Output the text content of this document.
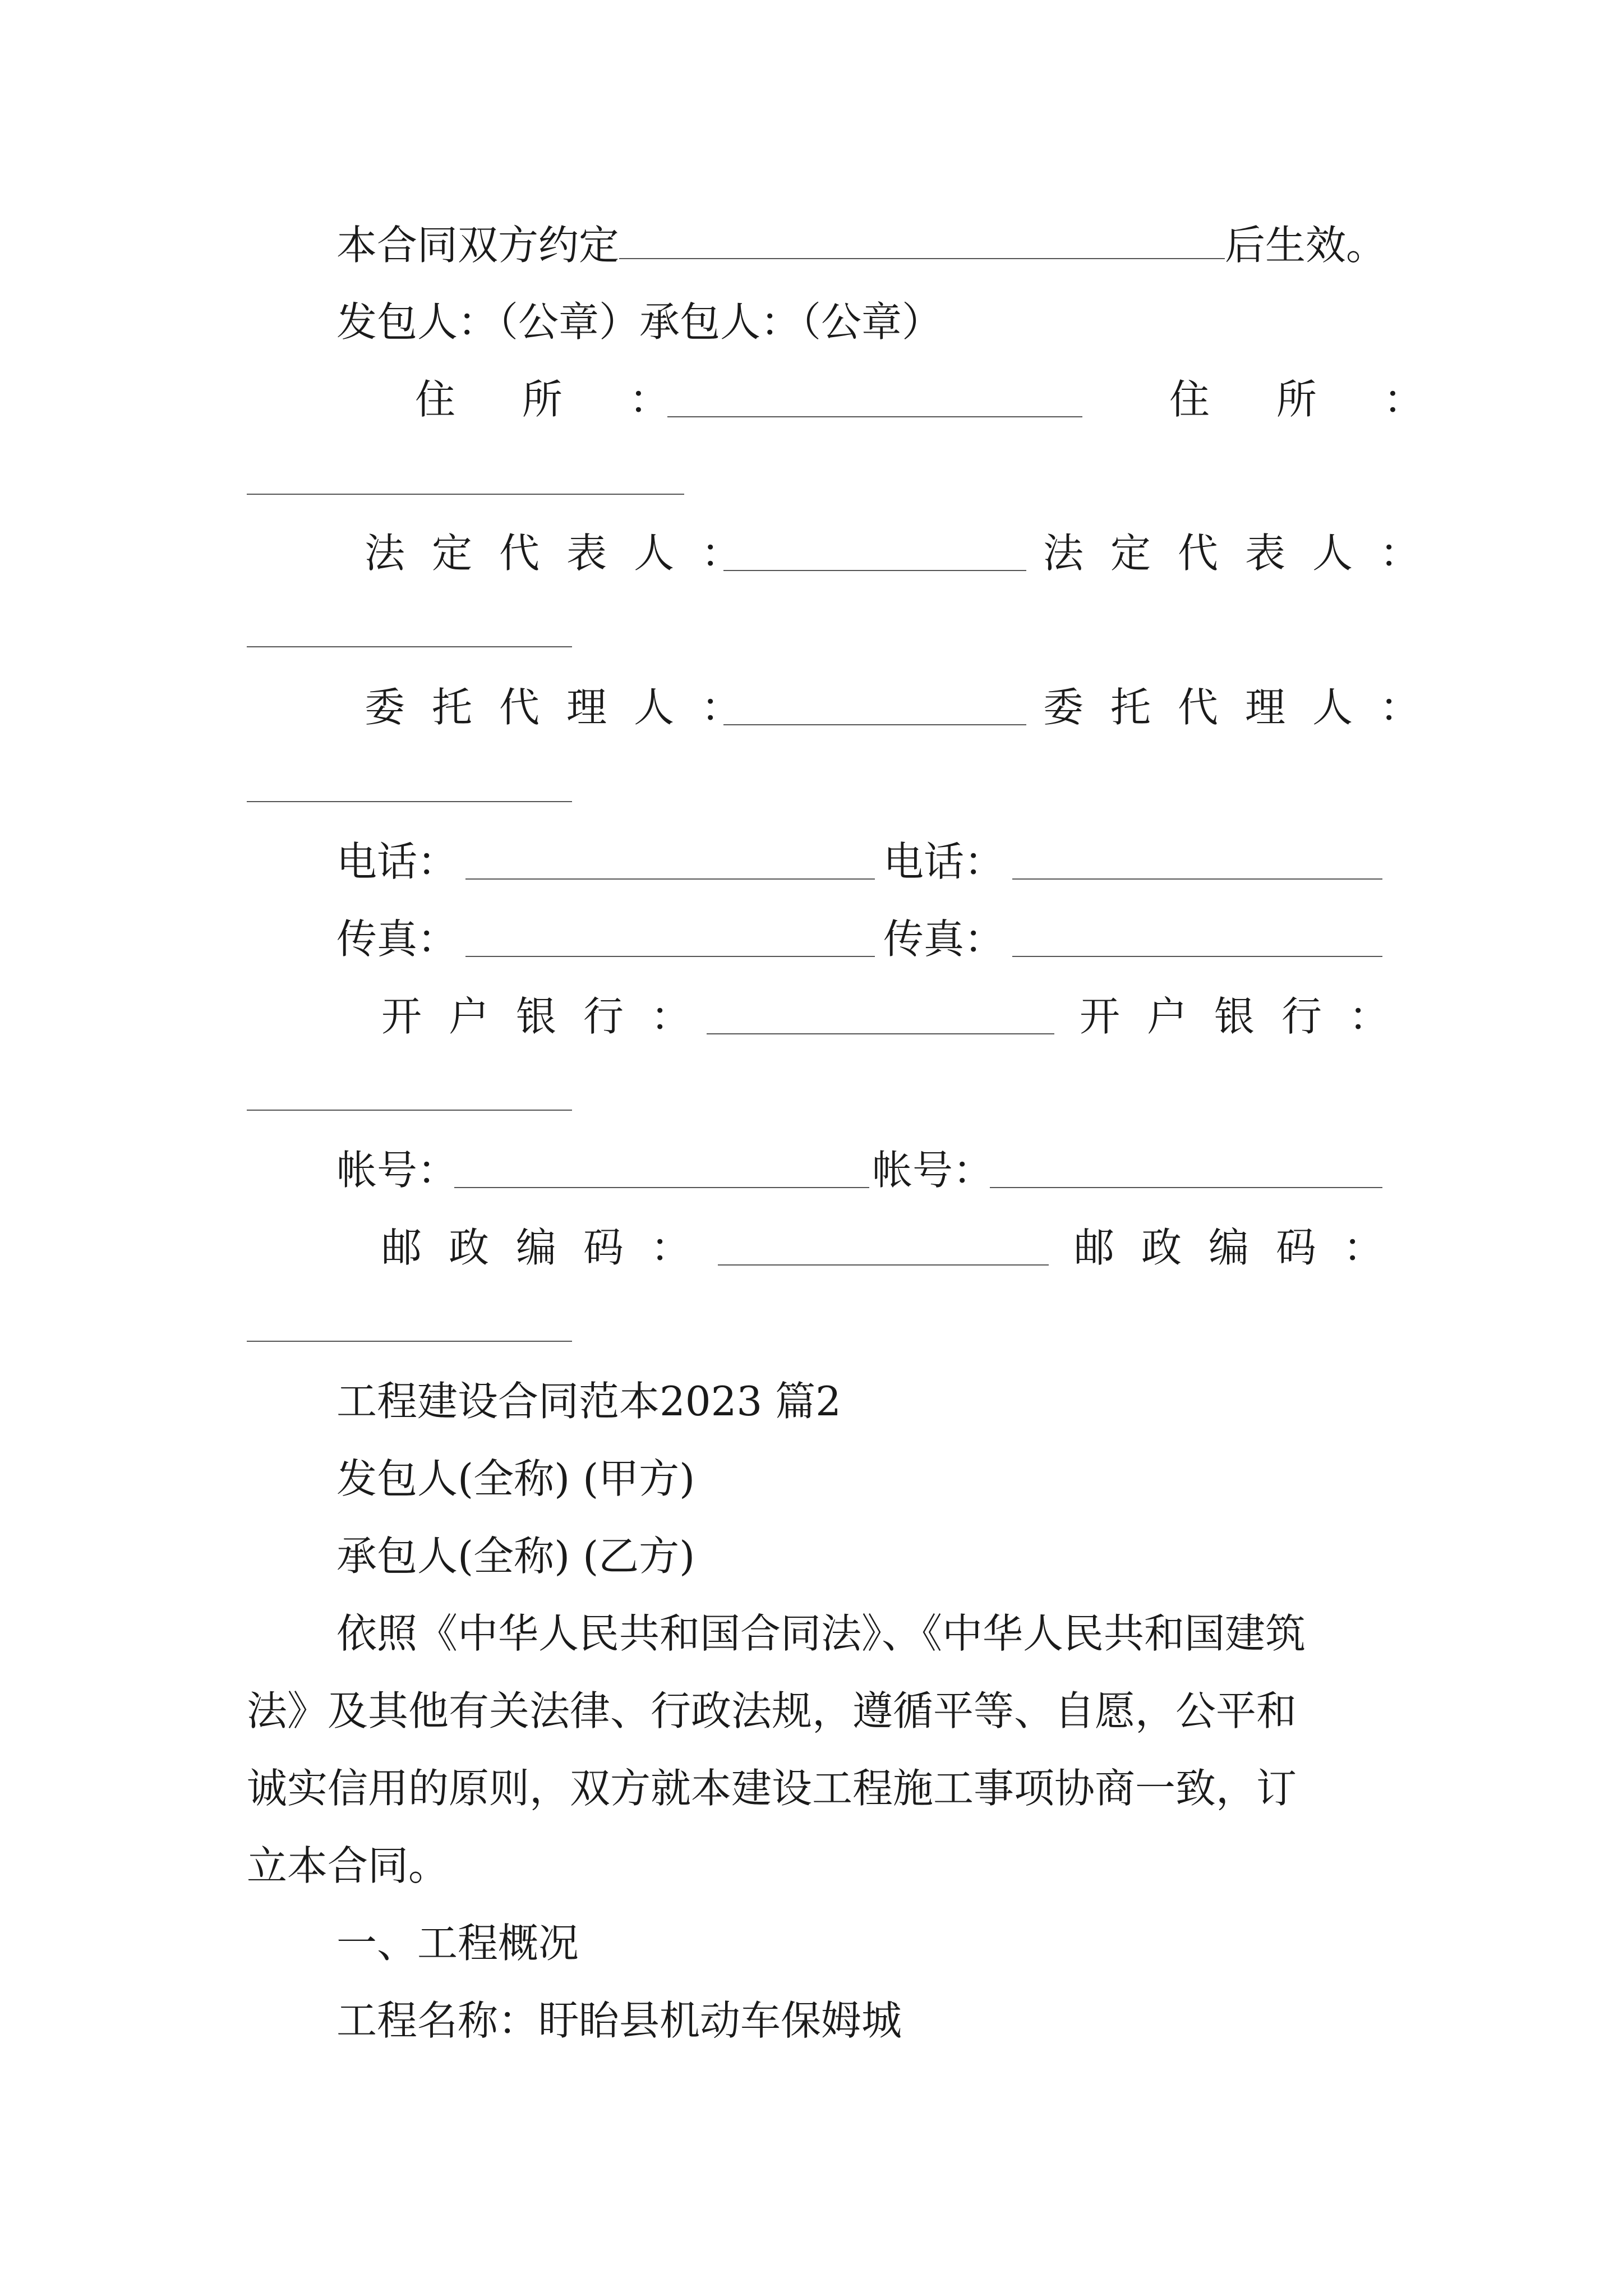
本合同双方约定	后生效。
发包人：（公章）承包人：（公章）
住 所 ：	住 所 ：
法定代表人：	法定代表人：
委托代理人：	委托代理人：
电话：	电话：
传真：	传真：
开户银行：	开户银行：
帐号：	帐号：
邮政编码：	邮政编码：
工程建设合同范本2023 篇2
发包人(全称) (甲方)
承包人(全称) (乙方)
依照《中华人民共和国合同法》、《中华人民共和国建筑
法》及其他有关法律、行政法规，遵循平等、自愿，公平和
诚实信用的原则，双方就本建设工程施工事项协商一致，订
立本合同。
一、工程概况
工程名称：盱眙县机动车保姆城
